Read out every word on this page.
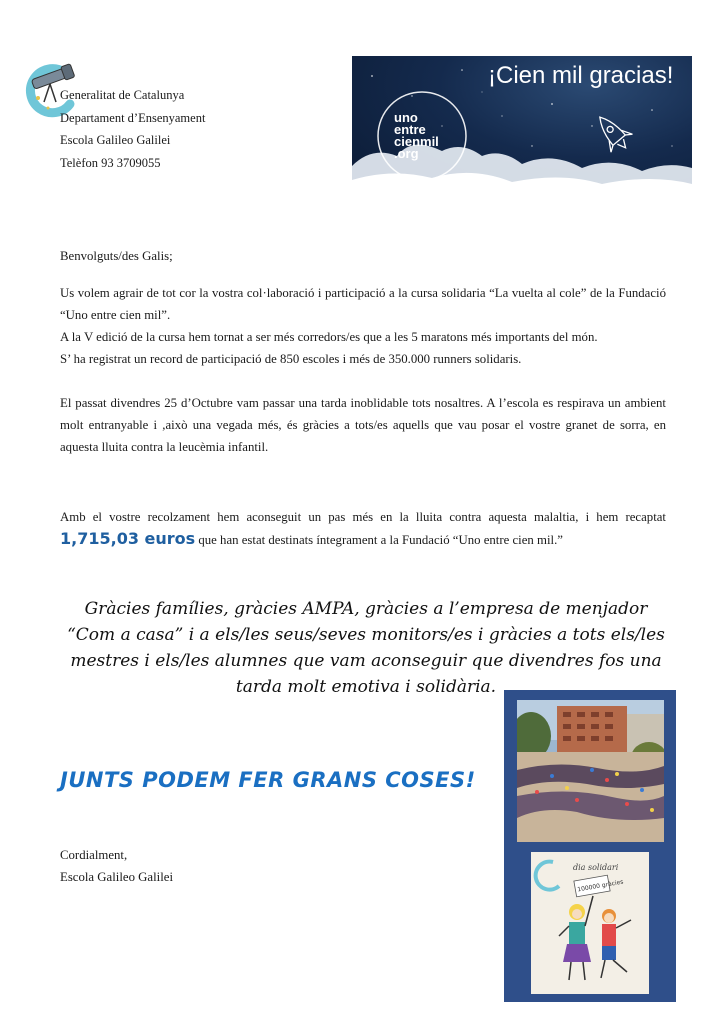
Generalitat de Catalunya
Departament d’Ensenyament
Escola Galileo Galilei
Telèfon 93 3709055
¡Cien mil gracias!
uno
entre
cienmil
.org
Benvolguts/des Galis;

Us volem agrair de tot cor la vostra col·laboració i participació a la cursa solidaria “La vuelta al cole” de la Fundació “Uno entre cien mil”.

A la V edició de la cursa hem tornat a ser més corredors/es que a les 5 maratons més importants del món.

S’ ha registrat un record de participació de 850 escoles i més de 350.000 runners solidaris.

El passat divendres 25 d’Octubre vam passar una tarda inoblidable tots nosaltres. A l’escola es respirava un ambient molt entranyable i ,això una vegada més, és gràcies a tots/es aquells que vau posar el vostre granet de sorra, en aquesta lluita contra la leucèmia infantil.
Amb el vostre recolzament hem aconseguit un pas més en la lluita contra aquesta malaltia, i hem recaptat 1,715,03 euros que han estat destinats íntegrament a la Fundació “Uno entre cien mil.”
Gràcies famílies, gràcies AMPA, gràcies a l’empresa de menjador “Com a casa” i a els/les seus/seves monitors/es i gràcies a tots els/les mestres i els/les alumnes que vam aconseguir que divendres fos una tarda molt emotiva i solidària.
JUNTS PODEM FER GRANS COSES!
Cordialment,
Escola Galileo Galilei
dia solidari
100000 gràcies
